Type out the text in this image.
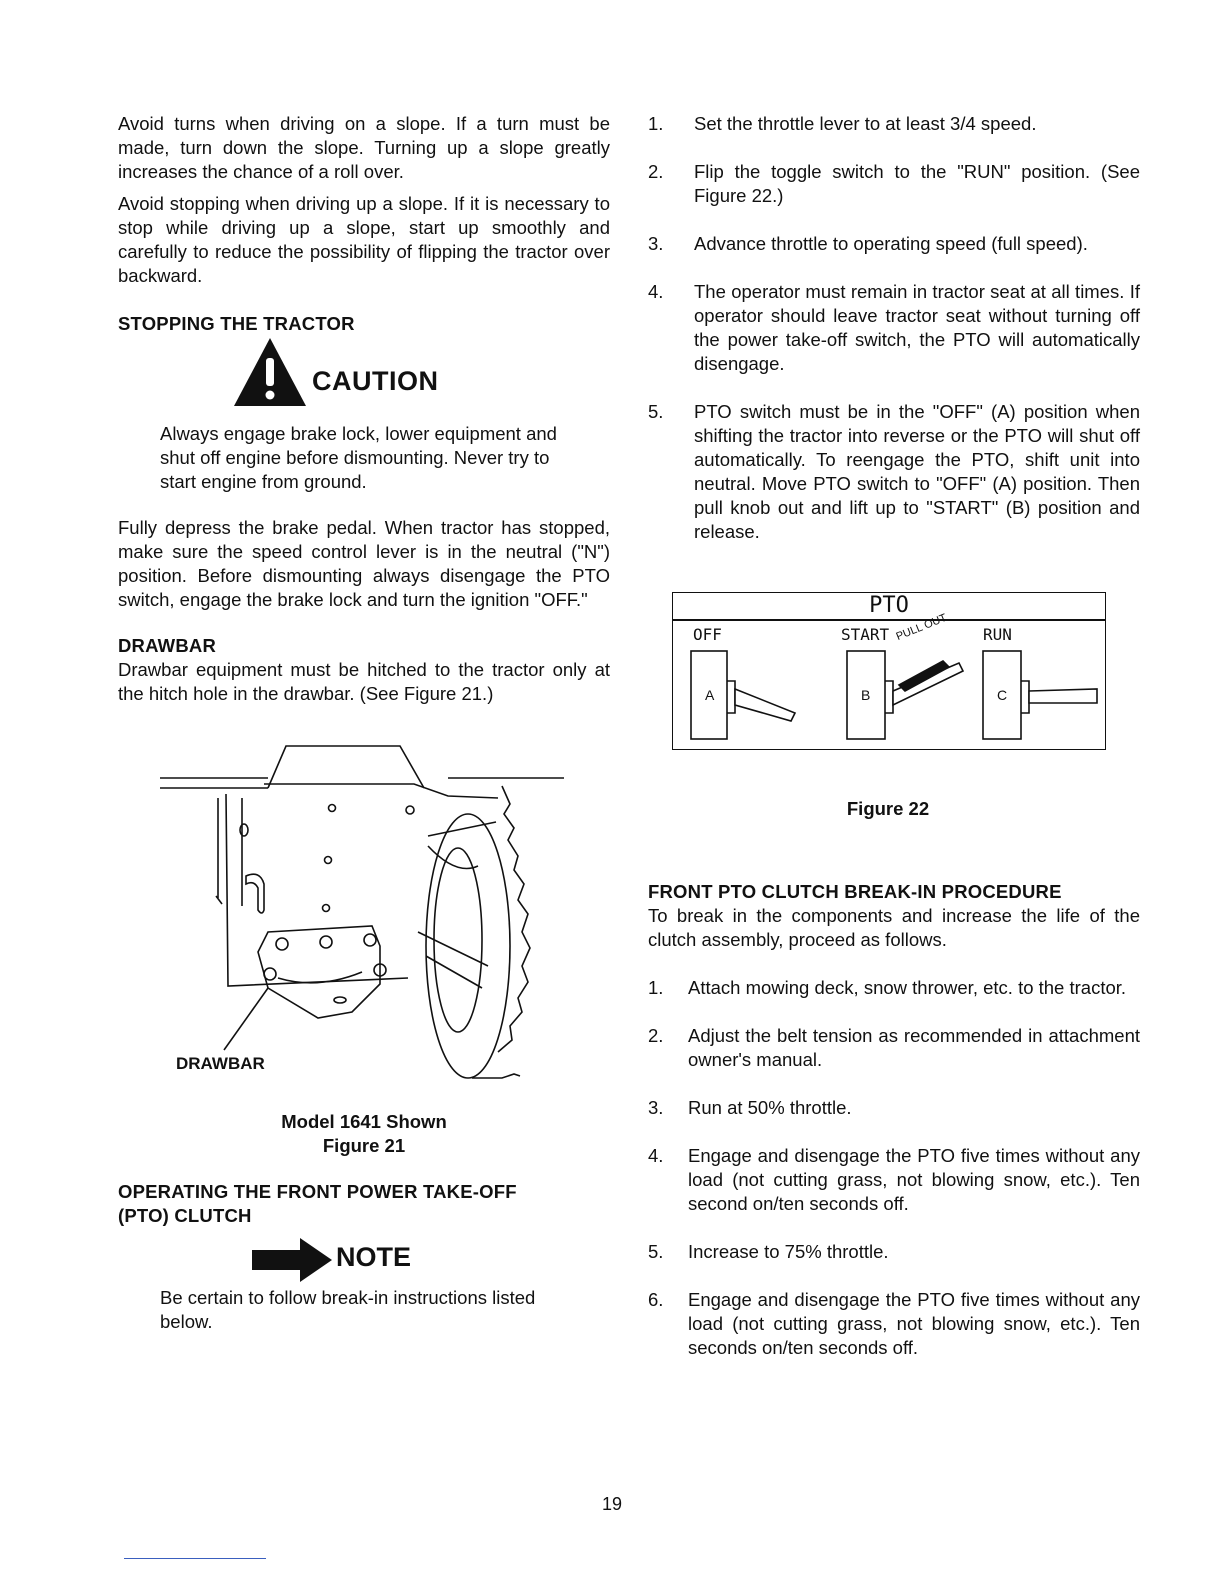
Avoid turns when driving on a slope. If a turn must be made, turn down the slope. Turning up a slope greatly increases the chance of a roll over.

Avoid stopping when driving up a slope. If it is necessary to stop while driving up a slope, start up smoothly and carefully to reduce the possibility of flipping the tractor over backward.

STOPPING THE TRACTOR
CAUTION

Always engage brake lock, lower equipment and shut off engine before dismounting. Never try to start engine from ground.

Fully depress the brake pedal. When tractor has stopped, make sure the speed control lever is in the neutral ("N") position. Before dismounting always disengage the PTO switch, engage the brake lock and turn the ignition "OFF."

DRAWBAR

Drawbar equipment must be hitched to the tractor only at the hitch hole in the drawbar. (See Figure 21.)

DRAWBAR
Model 1641 Shown
Figure 21
OPERATING THE FRONT POWER TAKE-OFF
(PTO) CLUTCH
NOTE

Be certain to follow break-in instructions listed below.

1.	Set the throttle lever to at least 3/4 speed.
2.	Flip the toggle switch to the "RUN" position. (See Figure 22.)
3.	Advance throttle to operating speed (full speed).
4.	The operator must remain in tractor seat at all times. If operator should leave tractor seat without turning off the power take-off switch, the PTO will automatically disengage.
5.	PTO switch must be in the "OFF" (A) position when shifting the tractor into reverse or the PTO will shut off automatically. To reengage the PTO, shift unit into neutral. Move PTO switch to "OFF" (A) position. Then pull knob out and lift up to "START" (B) position and release.
PTO
OFF	START	RUN
PULL OUT
A	B	C
Figure 22
FRONT PTO CLUTCH BREAK-IN PROCEDURE

To break in the components and increase the life of the clutch assembly, proceed as follows.

1.	Attach mowing deck, snow thrower, etc. to the tractor.
2.	Adjust the belt tension as recommended in attachment owner's manual.
3.	Run at 50% throttle.
4.	Engage and disengage the PTO five times without any load (not cutting grass, not blowing snow, etc.). Ten second on/ten seconds off.
5.	Increase to 75% throttle.
6.	Engage and disengage the PTO five times without any load (not cutting grass, not blowing snow, etc.). Ten seconds on/ten seconds off.
19
